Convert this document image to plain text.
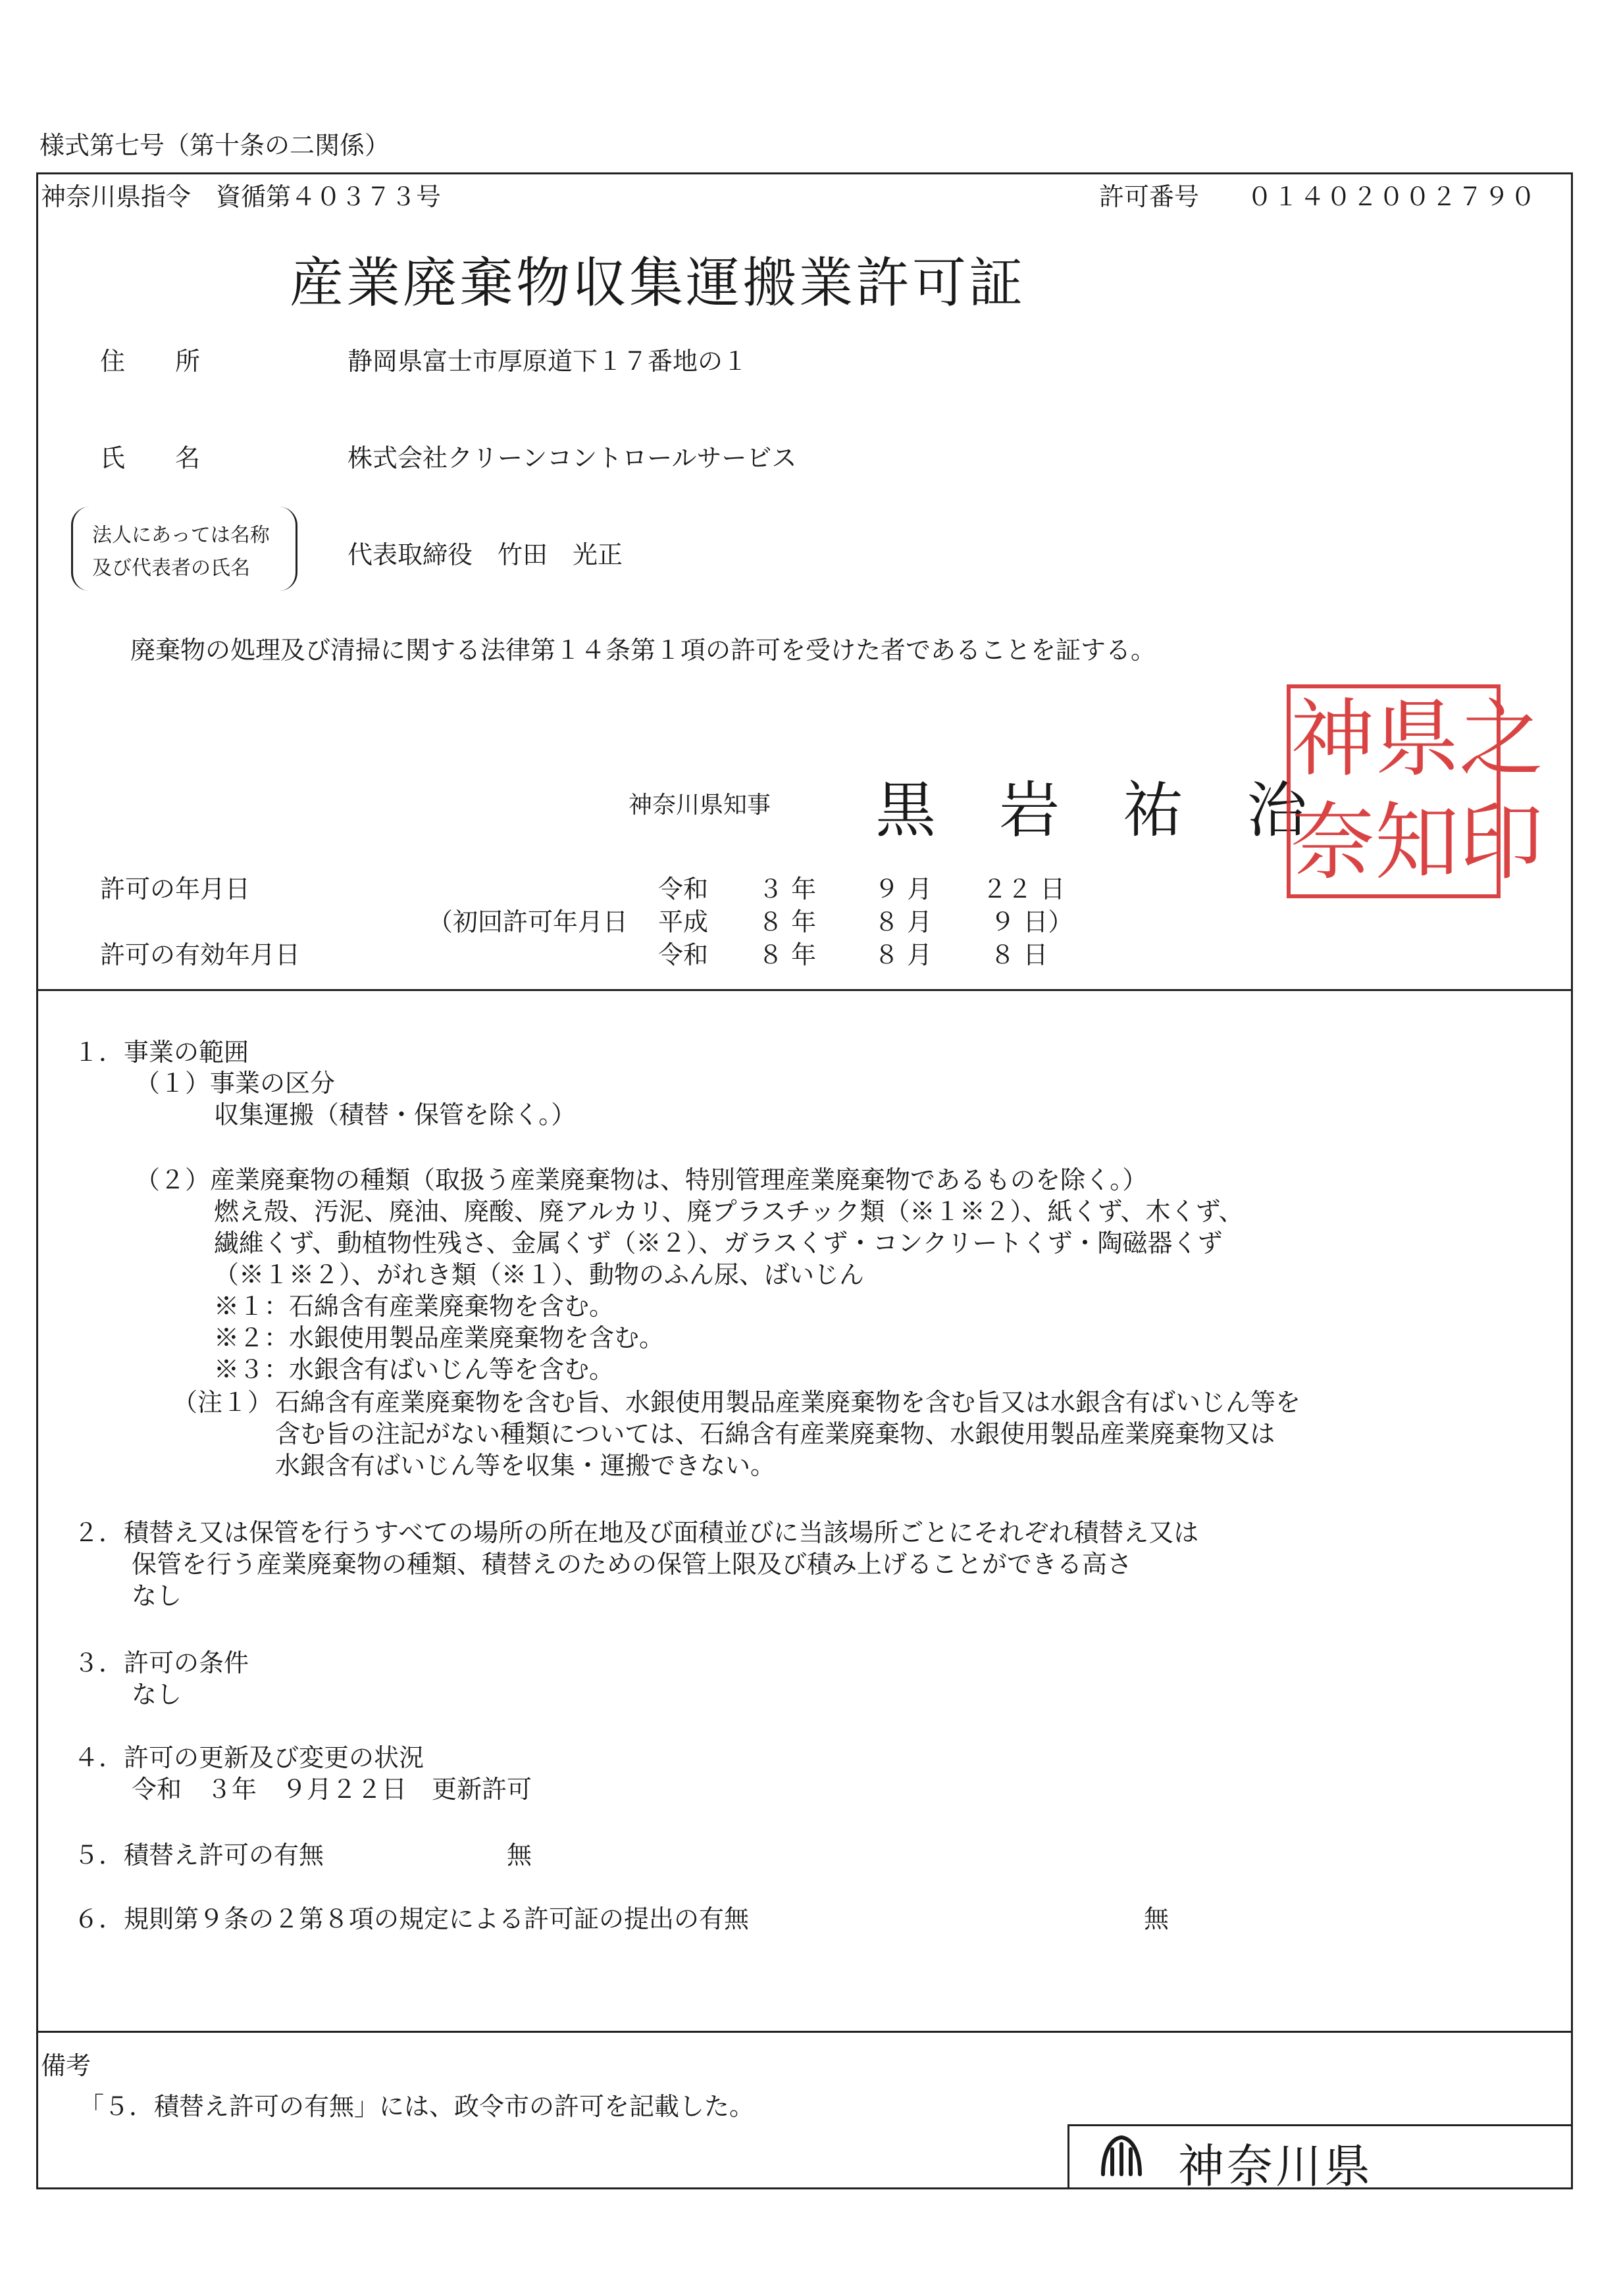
様式第七号（第十条の二関係）
神奈川県指令　資循第４０３７３号	許可番号 ０１４０２００２７９０
産業廃棄物収集運搬業許可証
住　　所	静岡県富士市厚原道下１７番地の１
氏　　名	株式会社クリーンコントロールサービス
法人にあっては名称
及び代表者の氏名	代表取締役　竹田　光正
廃棄物の処理及び清掃に関する法律第１４条第１項の許可を受けた者であることを証する。
神奈川県知事 黒　岩　祐　治
神 県 之
奈 知 印
許可の年月日	令和　　３ 年　　 ９ 月　　２２ 日
（初回許可年月日 平成　　８ 年　　 ８ 月　　 ９ 日）
許可の有効年月日	令和　　８ 年　　 ８ 月　　 ８ 日
１．事業の範囲
（１）事業の区分
収集運搬（積替・保管を除く。）
（２）産業廃棄物の種類（取扱う産業廃棄物は、特別管理産業廃棄物であるものを除く。）
燃え殻、汚泥、廃油、廃酸、廃アルカリ、廃プラスチック類（※１※２）、紙くず、木くず、
繊維くず、動植物性残さ、金属くず（※２）、ガラスくず・コンクリートくず・陶磁器くず
（※１※２）、がれき類（※１）、動物のふん尿、ばいじん
※１：石綿含有産業廃棄物を含む。
※２：水銀使用製品産業廃棄物を含む。
※３：水銀含有ばいじん等を含む。
（注１） 石綿含有産業廃棄物を含む旨、水銀使用製品産業廃棄物を含む旨又は水銀含有ばいじん等を
含む旨の注記がない種類については、石綿含有産業廃棄物、水銀使用製品産業廃棄物又は
水銀含有ばいじん等を収集・運搬できない。
２．積替え又は保管を行うすべての場所の所在地及び面積並びに当該場所ごとにそれぞれ積替え又は
保管を行う産業廃棄物の種類、積替えのための保管上限及び積み上げることができる高さ
なし
３．許可の条件
なし
４．許可の更新及び変更の状況
令和　３年　９月２２日　更新許可
５．積替え許可の有無	無
６．規則第９条の２第８項の規定による許可証の提出の有無	無
備考
「５．積替え許可の有無」には、政令市の許可を記載した。
神奈川県
